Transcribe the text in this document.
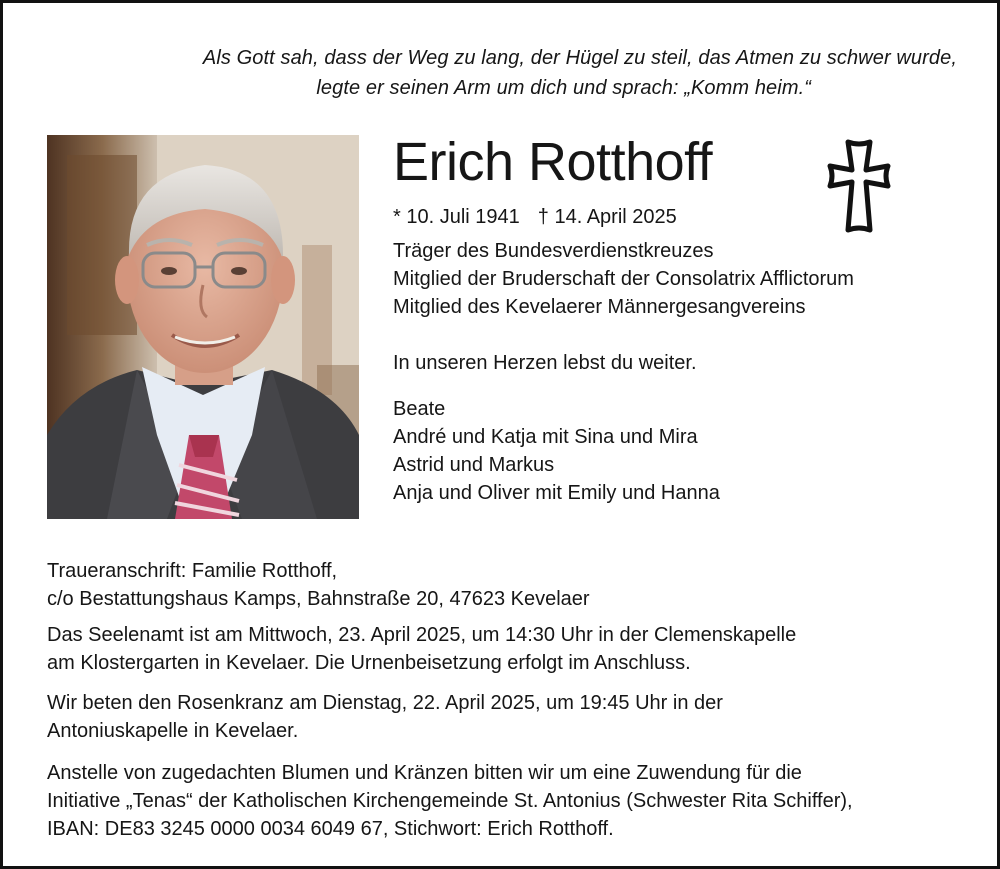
Als Gott sah, dass der Weg zu lang, der Hügel zu steil, das Atmen zu schwer wurde,
legte er seinen Arm um dich und sprach: „Komm heim.“
Erich Rotthoff
* 10. Juli 1941 † 14. April 2025
Träger des Bundesverdienstkreuzes
Mitglied der Bruderschaft der Consolatrix Afflictorum
Mitglied des Kevelaerer Männergesangvereins
In unseren Herzen lebst du weiter.
Beate
André und Katja mit Sina und Mira
Astrid und Markus
Anja und Oliver mit Emily und Hanna
Traueranschrift: Familie Rotthoff,
c/o Bestattungshaus Kamps, Bahnstraße 20, 47623 Kevelaer
Das Seelenamt ist am Mittwoch, 23. April 2025, um 14:30 Uhr in der Clemenskapelle
am Klostergarten in Kevelaer. Die Urnenbeisetzung erfolgt im Anschluss.
Wir beten den Rosenkranz am Dienstag, 22. April 2025, um 19:45 Uhr in der
Antoniuskapelle in Kevelaer.
Anstelle von zugedachten Blumen und Kränzen bitten wir um eine Zuwendung für die
Initiative „Tenas“ der Katholischen Kirchengemeinde St. Antonius (Schwester Rita Schiffer),
IBAN: DE83 3245 0000 0034 6049 67, Stichwort: Erich Rotthoff.
